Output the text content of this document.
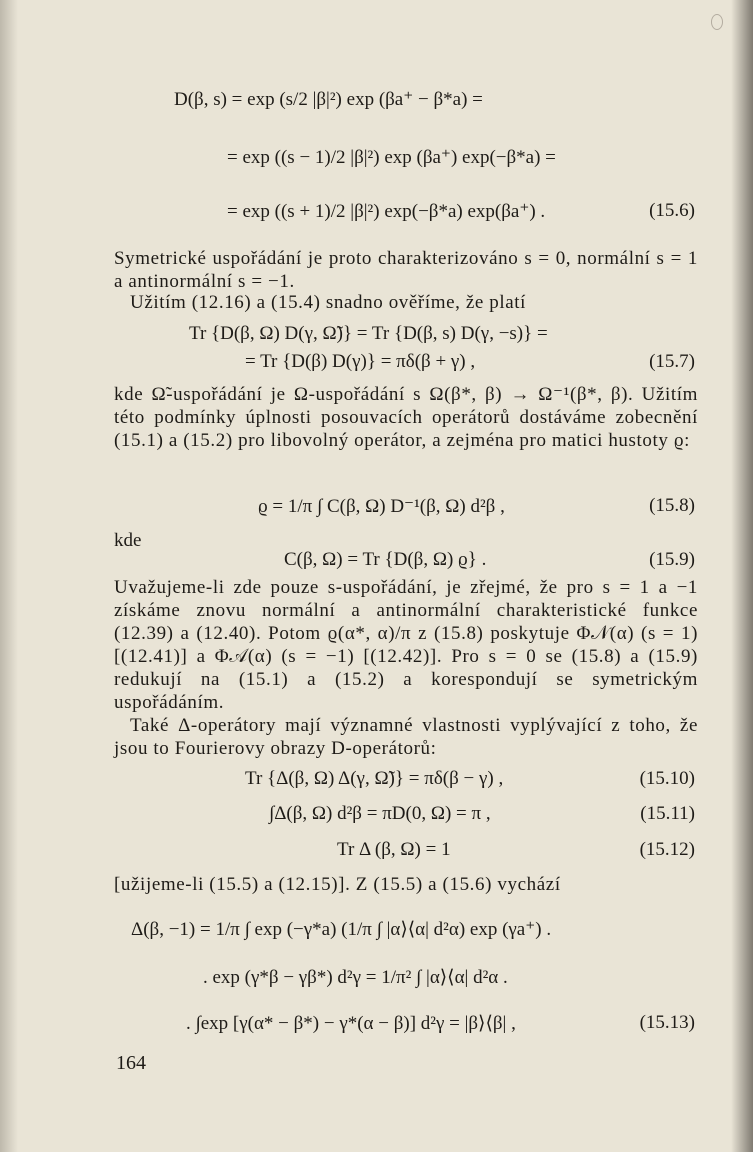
D(β, s) = exp (s/2 |β|²) exp (βa⁺ − β*a) =
= exp ((s − 1)/2 |β|²) exp (βa⁺) exp(−β*a) =
= exp ((s + 1)/2 |β|²) exp(−β*a) exp(βa⁺) .	(15.6)
Symetrické uspořádání je proto charakterizováno s = 0, normální s = 1 a antinormální s = −1.
Užitím (12.16) a (15.4) snadno ověříme, že platí
Tr {D(β, Ω) D(γ, Ω̃)} = Tr {D(β, s) D(γ, −s)} =
= Tr {D(β) D(γ)} = πδ(β + γ) ,	(15.7)
kde Ω̃-uspořádání je Ω-uspořádání s Ω(β*, β) → Ω⁻¹(β*, β). Užitím této podmínky úplnosti posouvacích operátorů dostáváme zobecnění (15.1) a (15.2) pro libovolný operátor, a zejména pro matici hustoty ϱ:
ϱ = 1/π ∫ C(β, Ω) D⁻¹(β, Ω) d²β ,	(15.8)
kde
C(β, Ω) = Tr {D(β, Ω) ϱ} .	(15.9)
Uvažujeme-li zde pouze s-uspořádání, je zřejmé, že pro s = 1 a −1 získáme znovu normální a antinormální charakteristické funkce (12.39) a (12.40). Potom ϱ(α*, α)/π z (15.8) poskytuje Φ𝒩(α) (s = 1) [(12.41)] a Φ𝒜(α) (s = −1) [(12.42)]. Pro s = 0 se (15.8) a (15.9) redukují na (15.1) a (15.2) a korespondují se symetrickým uspořádáním.
Také Δ-operátory mají významné vlastnosti vyplývající z toho, že jsou to Fourierovy obrazy D-operátorů:
Tr {Δ(β, Ω) Δ(γ, Ω̃)} = πδ(β − γ) ,	(15.10)
∫Δ(β, Ω) d²β = πD(0, Ω) = π ,	(15.11)
Tr Δ (β, Ω) = 1	(15.12)
[užijeme-li (15.5) a (12.15)]. Z (15.5) a (15.6) vychází
Δ(β, −1) = 1/π ∫ exp (−γ*a) (1/π ∫ |α⟩⟨α| d²α) exp (γa⁺) .
. exp (γ*β − γβ*) d²γ = 1/π² ∫ |α⟩⟨α| d²α .
. ∫exp [γ(α* − β*) − γ*(α − β)] d²γ = |β⟩⟨β| ,	(15.13)
164
